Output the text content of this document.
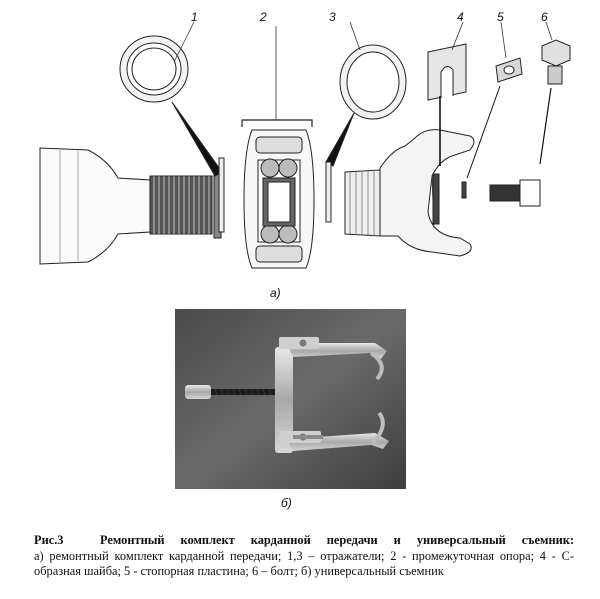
1	2	3	4	5	6
а)
б)
Рис.3	Ремонтный комплект карданной передачи и универсальный съемник:
а) ремонтный комплект карданной передачи; 1,3 – отражатели; 2 - промежуточная опора; 4 - С-образная шайба; 5 - стопорная пластина; 6 – болт; б) универсальный съемник
